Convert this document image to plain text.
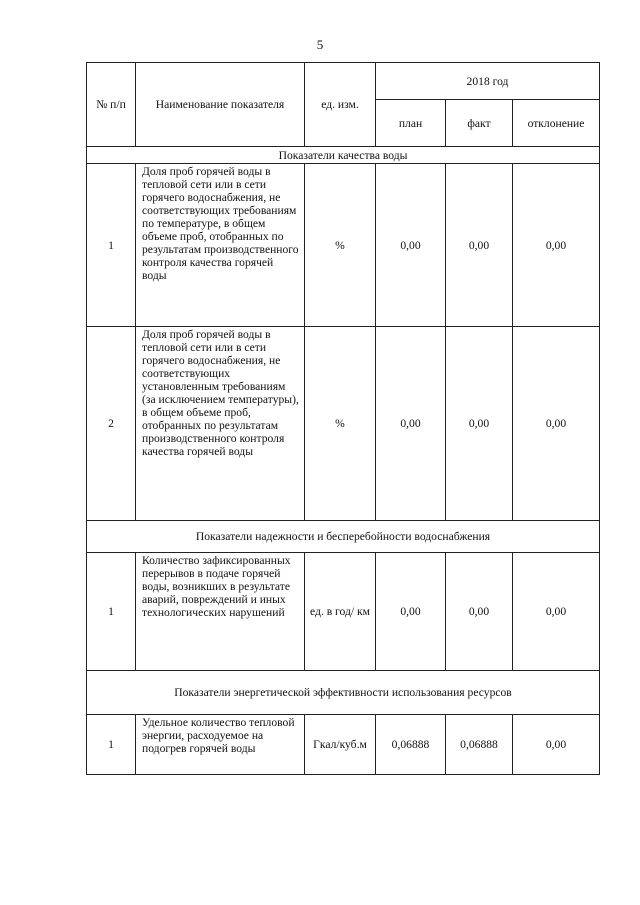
5
№ п/п	Наименование показателя	ед. изм.	2018 год		
			план	факт	отклонение
Показатели качества воды					
1	Доля проб горячей воды в тепловой сети или в сети горячего водоснабжения, не соответствующих требованиям по температуре, в общем объеме проб, отобранных по результатам производственного контроля качества горячей воды	%	0,00	0,00	0,00
2	Доля проб горячей воды в тепловой сети или в сети горячего водоснабжения, не соответствующих установленным требованиям (за исключением температуры), в общем объеме проб, отобранных по результатам производственного контроля качества горячей воды	%	0,00	0,00	0,00
Показатели надежности и бесперебойности водоснабжения					
1	Количество зафиксированных перерывов в подаче горячей воды, возникших в результате аварий, повреждений и иных технологических нарушений	ед. в год/ км	0,00	0,00	0,00
Показатели энергетической эффективности использования ресурсов					
1	Удельное количество тепловой энергии, расходуемое на подогрев горячей воды	Гкал/куб.м	0,06888	0,06888	0,00
